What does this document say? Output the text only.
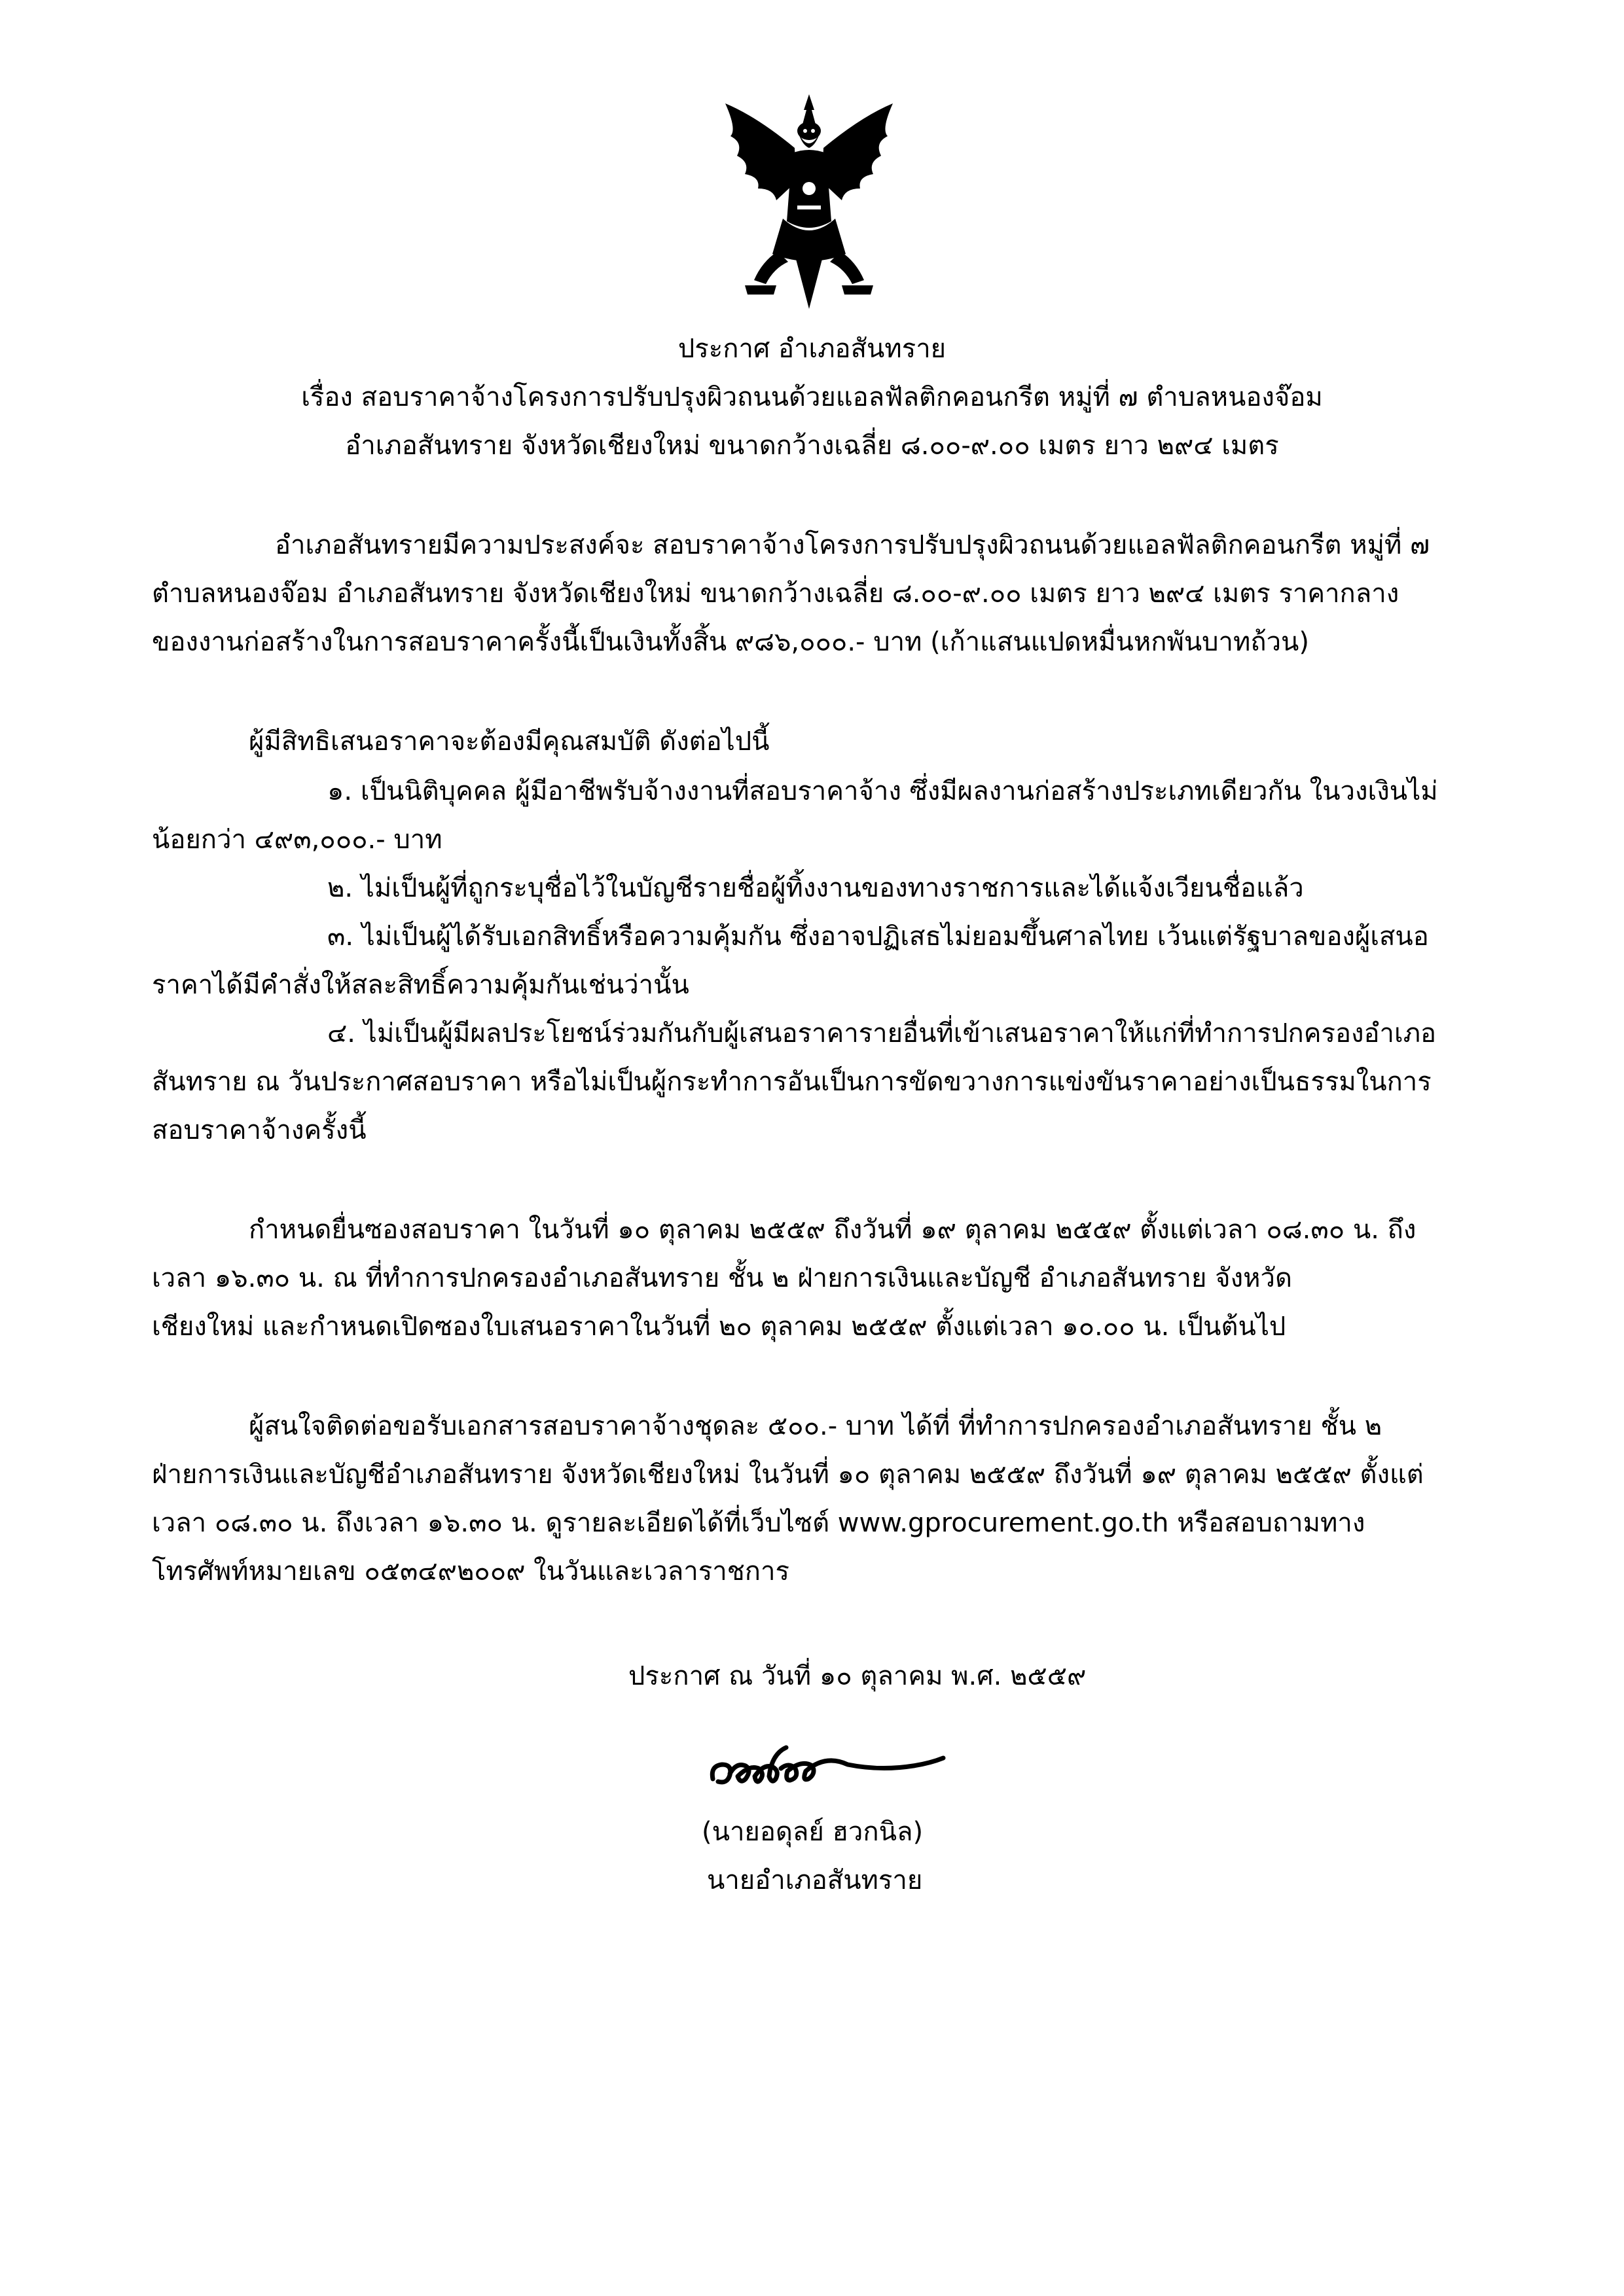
ประกาศ อำเภอสันทราย
เรื่อง สอบราคาจ้างโครงการปรับปรุงผิวถนนด้วยแอลฟัลติกคอนกรีต หมู่ที่ ๗ ตำบลหนองจ๊อม
อำเภอสันทราย จังหวัดเชียงใหม่ ขนาดกว้างเฉลี่ย ๘.๐๐-๙.๐๐ เมตร ยาว ๒๙๔ เมตร
อำเภอสันทรายมีความประสงค์จะ สอบราคาจ้างโครงการปรับปรุงผิวถนนด้วยแอลฟัลติกคอนกรีต หมู่ที่ ๗
ตำบลหนองจ๊อม อำเภอสันทราย จังหวัดเชียงใหม่ ขนาดกว้างเฉลี่ย ๘.๐๐-๙.๐๐ เมตร ยาว ๒๙๔ เมตร ราคากลาง
ของงานก่อสร้างในการสอบราคาครั้งนี้เป็นเงินทั้งสิ้น ๙๘๖,๐๐๐.- บาท (เก้าแสนแปดหมื่นหกพันบาทถ้วน)
ผู้มีสิทธิเสนอราคาจะต้องมีคุณสมบัติ ดังต่อไปนี้
๑. เป็นนิติบุคคล ผู้มีอาชีพรับจ้างงานที่สอบราคาจ้าง ซึ่งมีผลงานก่อสร้างประเภทเดียวกัน ในวงเงินไม่
น้อยกว่า ๔๙๓,๐๐๐.- บาท
๒. ไม่เป็นผู้ที่ถูกระบุชื่อไว้ในบัญชีรายชื่อผู้ทิ้งงานของทางราชการและได้แจ้งเวียนชื่อแล้ว
๓. ไม่เป็นผู้ได้รับเอกสิทธิ์หรือความคุ้มกัน ซึ่งอาจปฏิเสธไม่ยอมขึ้นศาลไทย เว้นแต่รัฐบาลของผู้เสนอ
ราคาได้มีคำสั่งให้สละสิทธิ์ความคุ้มกันเช่นว่านั้น
๔. ไม่เป็นผู้มีผลประโยชน์ร่วมกันกับผู้เสนอราคารายอื่นที่เข้าเสนอราคาให้แก่ที่ทำการปกครองอำเภอ
สันทราย ณ วันประกาศสอบราคา หรือไม่เป็นผู้กระทำการอันเป็นการขัดขวางการแข่งขันราคาอย่างเป็นธรรมในการ
สอบราคาจ้างครั้งนี้
กำหนดยื่นซองสอบราคา ในวันที่ ๑๐ ตุลาคม ๒๕๕๙ ถึงวันที่ ๑๙ ตุลาคม ๒๕๕๙ ตั้งแต่เวลา ๐๘.๓๐ น. ถึง
เวลา ๑๖.๓๐ น. ณ ที่ทำการปกครองอำเภอสันทราย ชั้น ๒ ฝ่ายการเงินและบัญชี อำเภอสันทราย จังหวัด
เชียงใหม่ และกำหนดเปิดซองใบเสนอราคาในวันที่ ๒๐ ตุลาคม ๒๕๕๙ ตั้งแต่เวลา ๑๐.๐๐ น. เป็นต้นไป
ผู้สนใจติดต่อขอรับเอกสารสอบราคาจ้างชุดละ ๕๐๐.- บาท ได้ที่ ที่ทำการปกครองอำเภอสันทราย ชั้น ๒
ฝ่ายการเงินและบัญชีอำเภอสันทราย จังหวัดเชียงใหม่ ในวันที่ ๑๐ ตุลาคม ๒๕๕๙ ถึงวันที่ ๑๙ ตุลาคม ๒๕๕๙ ตั้งแต่
เวลา ๐๘.๓๐ น. ถึงเวลา ๑๖.๓๐ น. ดูรายละเอียดได้ที่เว็บไซต์ www.gprocurement.go.th หรือสอบถามทาง
โทรศัพท์หมายเลข ๐๕๓๔๙๒๐๐๙ ในวันและเวลาราชการ
ประกาศ ณ วันที่ ๑๐ ตุลาคม พ.ศ. ๒๕๕๙
(นายอดุลย์ ฮวกนิล)
นายอำเภอสันทราย
